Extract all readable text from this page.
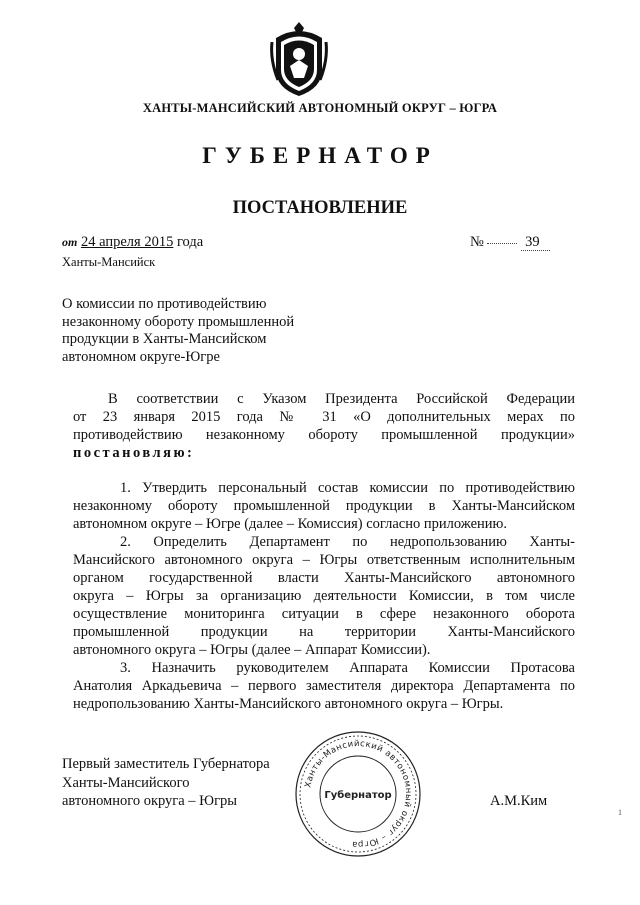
ХАНТЫ-МАНСИЙСКИЙ АВТОНОМНЫЙ ОКРУГ – ЮГРА
ГУБЕРНАТОР
ПОСТАНОВЛЕНИЕ
от 24 апреля 2015 года	№	39
Ханты-Мансийск
О комиссии по противодействию
незаконному обороту промышленной
продукции в Ханты-Мансийском
автономном округе-Югре
В соответствии с Указом Президента Российской Федерации
от 23 января 2015 года № 31 «О дополнительных мерах по
противодействию незаконному обороту промышленной продукции»
постановляю:
1. Утвердить персональный состав комиссии по противодействию
незаконному обороту промышленной продукции в Ханты-Мансийском
автономном округе – Югре (далее – Комиссия) согласно приложению.
2. Определить Департамент по недропользованию Ханты-
Мансийского автономного округа – Югры ответственным исполнительным
органом государственной власти Ханты-Мансийского автономного
округа – Югры за организацию деятельности Комиссии, в том числе
осуществление мониторинга ситуации в сфере незаконного оборота
промышленной продукции на территории Ханты-Мансийского
автономного округа – Югры (далее – Аппарат Комиссии).
3. Назначить руководителем Аппарата Комиссии Протасова
Анатолия Аркадьевича – первого заместителя директора Департамента по
недропользованию Ханты-Мансийского автономного округа – Югры.
Первый заместитель Губернатора
Ханты-Мансийского
автономного округа – Югры
Ханты-Мансийский автономный округ – Югра
Губернатор	А.М.Ким
1
